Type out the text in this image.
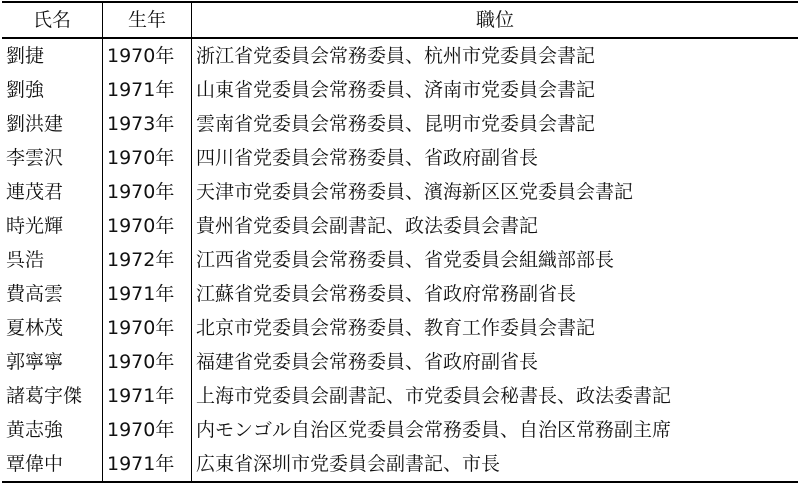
氏名	生年	職位
劉捷	1970年	浙江省党委員会常務委員、杭州市党委員会書記
劉強	1971年	山東省党委員会常務委員、済南市党委員会書記
劉洪建	1973年	雲南省党委員会常務委員、昆明市党委員会書記
李雲沢	1970年	四川省党委員会常務委員、省政府副省長
連茂君	1970年	天津市党委員会常務委員、濱海新区区党委員会書記
時光輝	1970年	貴州省党委員会副書記、政法委員会書記
呉浩	1972年	江西省党委員会常務委員、省党委員会組織部部長
費高雲	1971年	江蘇省党委員会常務委員、省政府常務副省長
夏林茂	1970年	北京市党委員会常務委員、教育工作委員会書記
郭寧寧	1970年	福建省党委員会常務委員、省政府副省長
諸葛宇傑	1971年	上海市党委員会副書記、市党委員会秘書長、政法委書記
黄志強	1970年	内モンゴル自治区党委員会常務委員、自治区常務副主席
覃偉中	1971年	広東省深圳市党委員会副書記、市長
